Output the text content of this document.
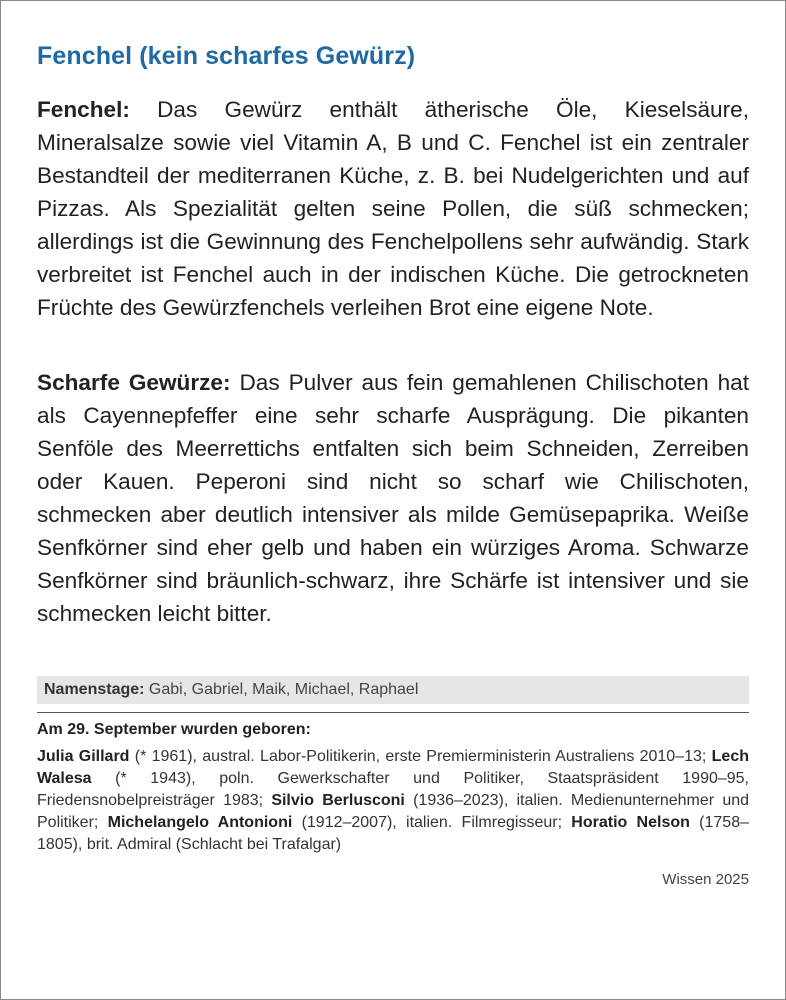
Fenchel (kein scharfes Gewürz)

Fenchel: Das Gewürz enthält ätherische Öle, Kieselsäure, Mineralsalze sowie viel Vitamin A, B und C. Fenchel ist ein zentraler Bestandteil der mediterranen Küche, z. B. bei Nudelgerichten und auf Pizzas. Als Spezialität gelten seine Pollen, die süß schmecken; allerdings ist die Gewinnung des Fenchelpollens sehr aufwändig. Stark verbreitet ist Fenchel auch in der indischen Küche. Die getrockneten Früchte des Gewürzfenchels verleihen Brot eine eigene Note.

Scharfe Gewürze: Das Pulver aus fein gemahlenen Chilischoten hat als Cayennepfeffer eine sehr scharfe Ausprägung. Die pikanten Senföle des Meerrettichs entfalten sich beim Schneiden, Zerreiben oder Kauen. Peperoni sind nicht so scharf wie Chilischoten, schmecken aber deutlich intensiver als milde Gemüsepaprika. Weiße Senfkörner sind eher gelb und haben ein würziges Aroma. Schwarze Senfkörner sind bräunlich-schwarz, ihre Schärfe ist intensiver und sie schmecken leicht bitter.

Namenstage: Gabi, Gabriel, Maik, Michael, Raphael
Am 29. September wurden geboren:

Julia Gillard (* 1961), austral. Labor-Politikerin, erste Premierministerin Australiens 2010–13; Lech Walesa (* 1943), poln. Gewerkschafter und Politiker, Staatspräsident 1990–95, Friedensnobelpreisträger 1983; Silvio Berlusconi (1936–2023), italien. Medienunternehmer und Politiker; Michelangelo Antonioni (1912–2007), italien. Filmregisseur; Horatio Nelson (1758–1805), brit. Admiral (Schlacht bei Trafalgar)

Wissen 2025
